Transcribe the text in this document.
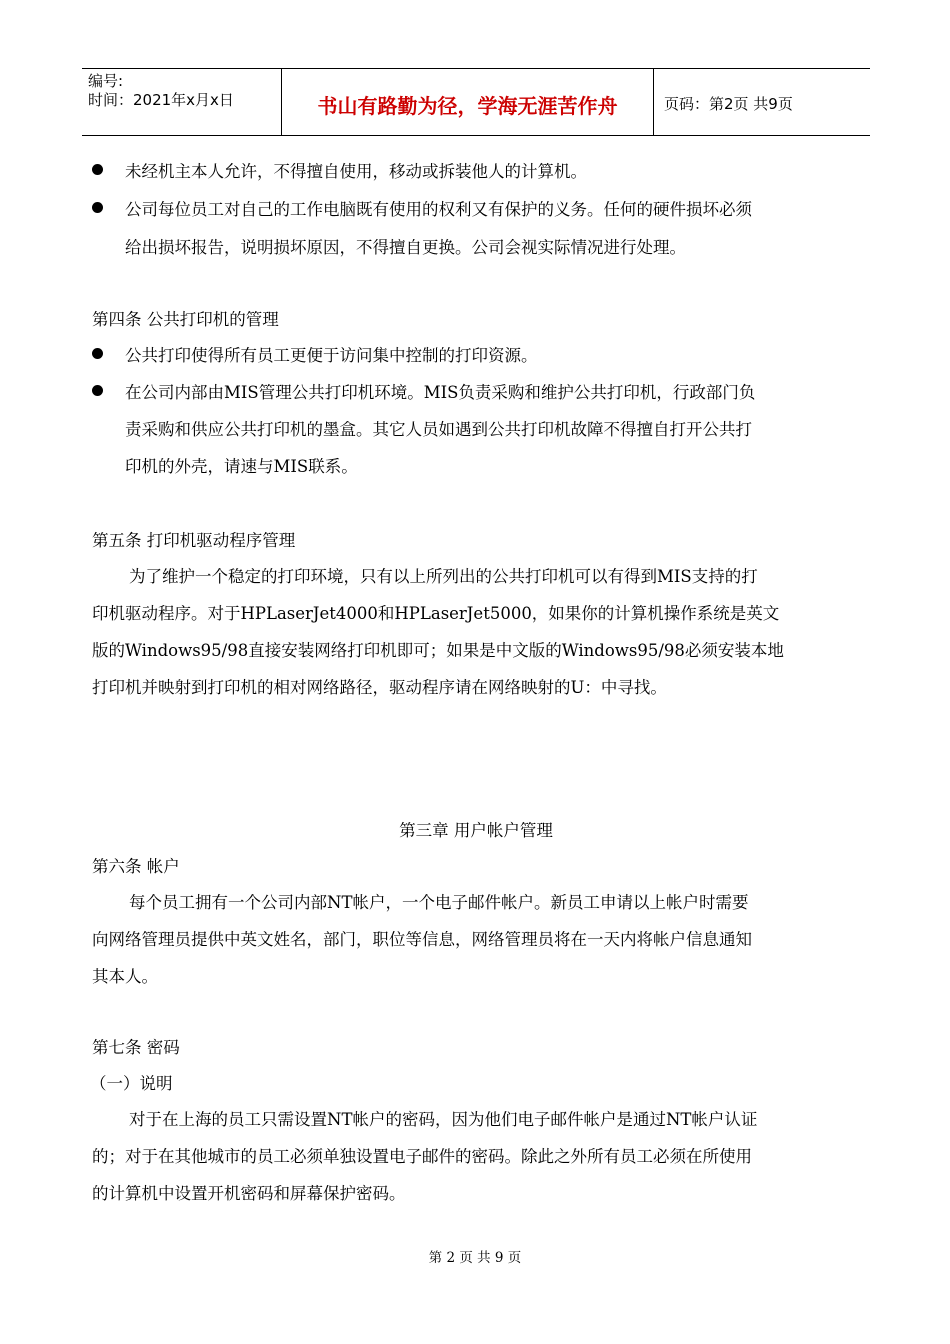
编号:
时间：2021年x月x日	书山有路勤为径，学海无涯苦作舟	页码：第2页 共9页
未经机主本人允许，不得擅自使用，移动或拆装他人的计算机。
公司每位员工对自己的工作电脑既有使用的权利又有保护的义务。任何的硬件损坏必须
给出损坏报告，说明损坏原因，不得擅自更换。公司会视实际情况进行处理。
第四条 公共打印机的管理
公共打印使得所有员工更便于访问集中控制的打印资源。
在公司内部由MIS管理公共打印机环境。MIS负责采购和维护公共打印机，行政部门负
责采购和供应公共打印机的墨盒。其它人员如遇到公共打印机故障不得擅自打开公共打
印机的外壳，请速与MIS联系。
第五条 打印机驱动程序管理
为了维护一个稳定的打印环境，只有以上所列出的公共打印机可以有得到MIS支持的打
印机驱动程序。对于HPLaserJet4000和HPLaserJet5000，如果你的计算机操作系统是英文
版的Windows95/98直接安装网络打印机即可；如果是中文版的Windows95/98必须安装本地
打印机并映射到打印机的相对网络路径，驱动程序请在网络映射的U：中寻找。
第三章 用户帐户管理
第六条 帐户
每个员工拥有一个公司内部NT帐户，一个电子邮件帐户。新员工申请以上帐户时需要
向网络管理员提供中英文姓名，部门，职位等信息，网络管理员将在一天内将帐户信息通知
其本人。
第七条 密码
（一）说明
对于在上海的员工只需设置NT帐户的密码，因为他们电子邮件帐户是通过NT帐户认证
的；对于在其他城市的员工必须单独设置电子邮件的密码。除此之外所有员工必须在所使用
的计算机中设置开机密码和屏幕保护密码。
第 2 页 共 9 页
